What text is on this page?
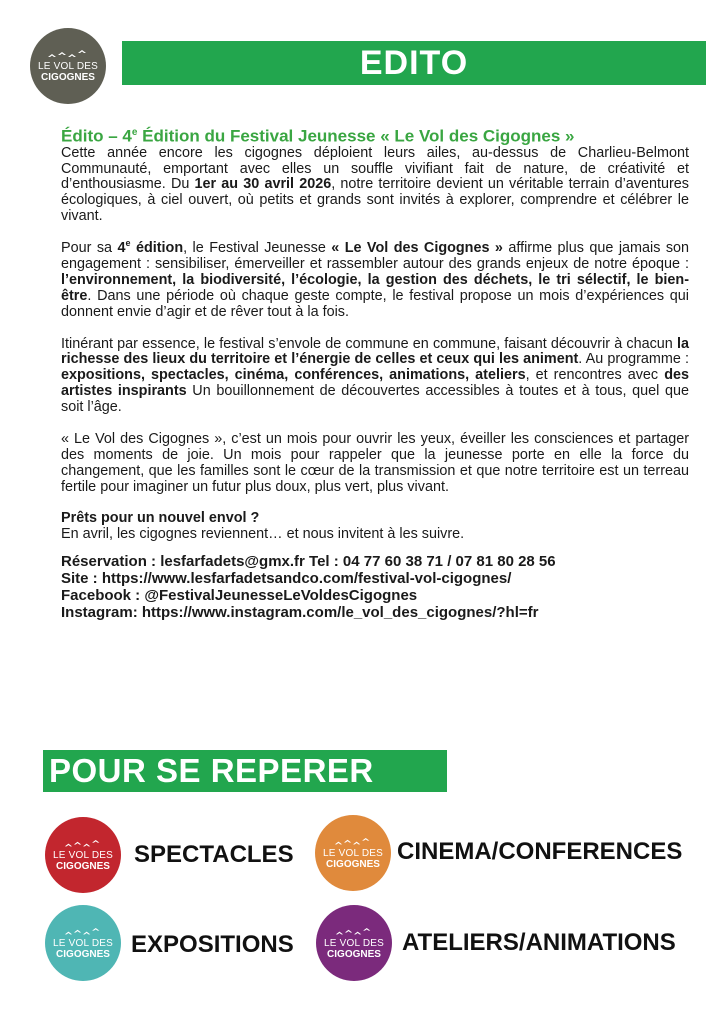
LE VOL DES
CIGOGNES	EDITO
Édito – 4e Édition du Festival Jeunesse « Le Vol des Cigognes »

Cette année encore les cigognes déploient leurs ailes, au-dessus de Charlieu-Belmont Communauté, emportant avec elles un souffle vivifiant fait de nature, de créativité et d’enthousiasme. Du 1er au 30 avril 2026, notre territoire devient un véritable terrain d’aventures écologiques, à ciel ouvert, où petits et grands sont invités à explorer, comprendre et célébrer le vivant.

Pour sa 4e édition, le Festival Jeunesse « Le Vol des Cigognes » affirme plus que jamais son engagement : sensibiliser, émerveiller et rassembler autour des grands enjeux de notre époque : l’environnement, la biodiversité, l’écologie, la gestion des déchets, le tri sélectif, le bien-être. Dans une période où chaque geste compte, le festival propose un mois d’expériences qui donnent envie d’agir et de rêver tout à la fois.

Itinérant par essence, le festival s’envole de commune en commune, faisant découvrir à chacun la richesse des lieux du territoire et l’énergie de celles et ceux qui les animent. Au programme : expositions, spectacles, cinéma, conférences, animations, ateliers, et rencontres avec des artistes inspirants Un bouillonnement de découvertes accessibles à toutes et à tous, quel que soit l’âge.

« Le Vol des Cigognes », c’est un mois pour ouvrir les yeux, éveiller les consciences et partager des moments de joie. Un mois pour rappeler que la jeunesse porte en elle la force du changement, que les familles sont le cœur de la transmission et que notre territoire est un terreau fertile pour imaginer un futur plus doux, plus vert, plus vivant.

Prêts pour un nouvel envol ?
En avril, les cigognes reviennent… et nous invitent à les suivre.

Réservation : lesfarfadets@gmx.fr Tel : 04 77 60 38 71 / 07 81 80 28 56
Site : https://www.lesfarfadetsandco.com/festival-vol-cigognes/
Facebook : @FestivalJeunesseLeVoldesCigognes
Instagram: https://www.instagram.com/le_vol_des_cigognes/?hl=fr
POUR SE REPERER
LE VOL DES
CIGOGNES SPECTACLES	LE VOL DES
CIGOGNES CINEMA/CONFERENCES
LE VOL DES
CIGOGNES EXPOSITIONS	LE VOL DES
CIGOGNES ATELIERS/ANIMATIONS
